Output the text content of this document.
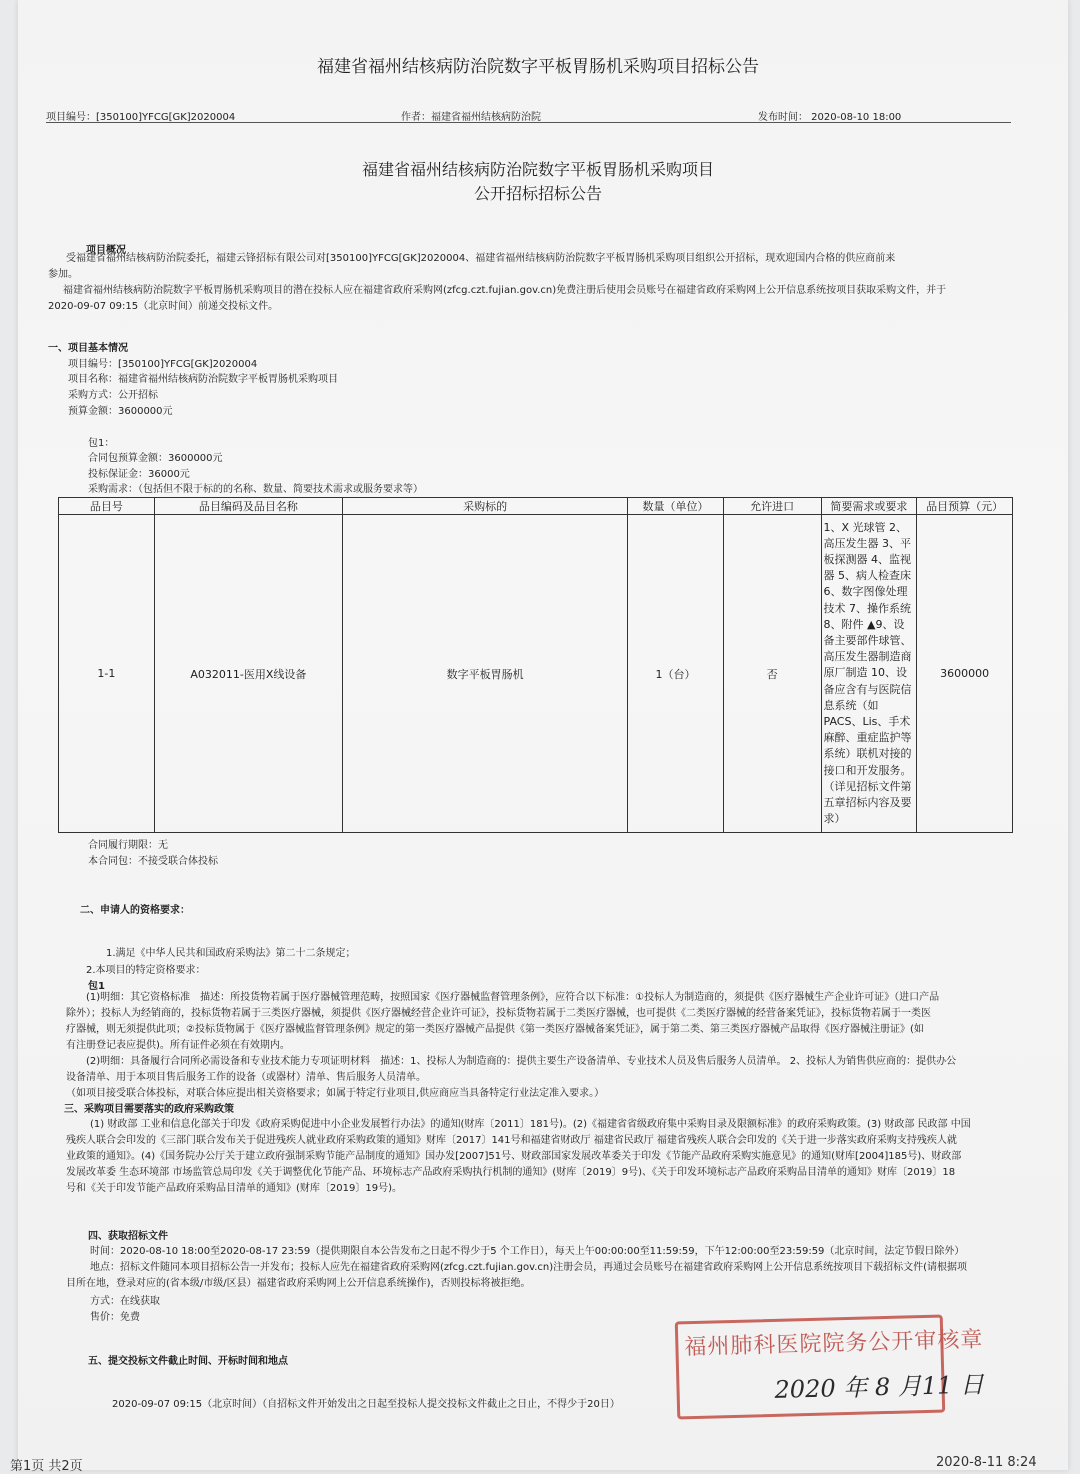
福建省福州结核病防治院数字平板胃肠机采购项目招标公告
项目编号：[350100]YFCG[GK]2020004	作者：福建省福州结核病防治院	发布时间： 2020-08-10 18:00
福建省福州结核病防治院数字平板胃肠机采购项目
公开招标招标公告
项目概况
受福建省福州结核病防治院委托，福建云锋招标有限公司对[350100]YFCG[GK]2020004、福建省福州结核病防治院数字平板胃肠机采购项目组织公开招标，现欢迎国内合格的供应商前来
参加。
福建省福州结核病防治院数字平板胃肠机采购项目的潜在投标人应在福建省政府采购网(zfcg.czt.fujian.gov.cn)免费注册后使用会员账号在福建省政府采购网上公开信息系统按项目获取采购文件，并于
2020-09-07 09:15（北京时间）前递交投标文件。
一、项目基本情况
项目编号：[350100]YFCG[GK]2020004
项目名称：福建省福州结核病防治院数字平板胃肠机采购项目
采购方式：公开招标
预算金额：3600000元
包1：
合同包预算金额：3600000元
投标保证金：36000元
采购需求：（包括但不限于标的的名称、数量、简要技术需求或服务要求等）
品目号	品目编码及品目名称	采购标的	数量（单位）	允许进口	简要需求或要求	品目预算（元）
1-1	A032011-医用X线设备	数字平板胃肠机	1（台）	否	1、X 光球管 2、高压发生器 3、平板探测器 4、监视器 5、病人检查床 6、数字图像处理技术 7、操作系统 8、附件 ▲9、设备主要部件球管、高压发生器制造商原厂制造 10、设备应含有与医院信息系统（如PACS、Lis、手术麻醉、重症监护等系统）联机对接的接口和开发服务。（详见招标文件第五章招标内容及要求）	3600000
合同履行期限：无
本合同包：不接受联合体投标
二、申请人的资格要求：
1.满足《中华人民共和国政府采购法》第二十二条规定；
2.本项目的特定资格要求：
包1
(1)明细：其它资格标准　描述：所投货物若属于医疗器械管理范畴，按照国家《医疗器械监督管理条例》，应符合以下标准：①投标人为制造商的，须提供《医疗器械生产企业许可证》（进口产品
除外）；投标人为经销商的，投标货物若属于三类医疗器械，须提供《医疗器械经营企业许可证》，投标货物若属于二类医疗器械，也可提供《二类医疗器械的经营备案凭证》，投标货物若属于一类医
疗器械，则无须提供此项；②投标货物属于《医疗器械监督管理条例》规定的第一类医疗器械产品提供《第一类医疗器械备案凭证》，属于第二类、第三类医疗器械产品取得《医疗器械注册证》(如
有注册登记表应提供)。所有证件必须在有效期内。
(2)明细：具备履行合同所必需设备和专业技术能力专项证明材料　描述：1、投标人为制造商的：提供主要生产设备清单、专业技术人员及售后服务人员清单。 2、投标人为销售供应商的：提供办公
设备清单、用于本项目售后服务工作的设备（或器材）清单、售后服务人员清单。
（如项目接受联合体投标，对联合体应提出相关资格要求；如属于特定行业项目,供应商应当具备特定行业法定准入要求。）
三、采购项目需要落实的政府采购政策
(1) 财政部 工业和信息化部关于印发《政府采购促进中小企业发展暂行办法》的通知(财库〔2011〕181号)。(2)《福建省省级政府集中采购目录及限额标准》的政府采购政策。(3) 财政部 民政部 中国
残疾人联合会印发的《三部门联合发布关于促进残疾人就业政府采购政策的通知》财库〔2017〕141号和福建省财政厅 福建省民政厅 福建省残疾人联合会印发的《关于进一步落实政府采购支持残疾人就
业政策的通知》。(4)《国务院办公厅关于建立政府强制采购节能产品制度的通知》国办发[2007]51号、财政部国家发展改革委关于印发《节能产品政府采购实施意见》的通知(财库[2004]185号)、财政部
发展改革委 生态环境部 市场监管总局印发《关于调整优化节能产品、环境标志产品政府采购执行机制的通知》(财库〔2019〕9号)、《关于印发环境标志产品政府采购品目清单的通知》财库〔2019〕18
号和《关于印发节能产品政府采购品目清单的通知》(财库〔2019〕19号)。
四、获取招标文件
时间：2020-08-10 18:00至2020-08-17 23:59（提供期限自本公告发布之日起不得少于5 个工作日），每天上午00:00:00至11:59:59，下午12:00:00至23:59:59（北京时间，法定节假日除外）
地点：招标文件随同本项目招标公告一并发布；投标人应先在福建省政府采购网(zfcg.czt.fujian.gov.cn)注册会员，再通过会员账号在福建省政府采购网上公开信息系统按项目下载招标文件(请根据项
目所在地，登录对应的(省本级/市级/区县）福建省政府采购网上公开信息系统操作)，否则投标将被拒绝。
方式：在线获取
售价：免费
五、提交投标文件截止时间、开标时间和地点
2020-09-07 09:15（北京时间）（自招标文件开始发出之日起至投标人提交投标文件截止之日止，不得少于20日）
福州肺科医院院务公开审核章
2020 年 8 月11 日
第1页 共2页	2020-8-11 8:24
